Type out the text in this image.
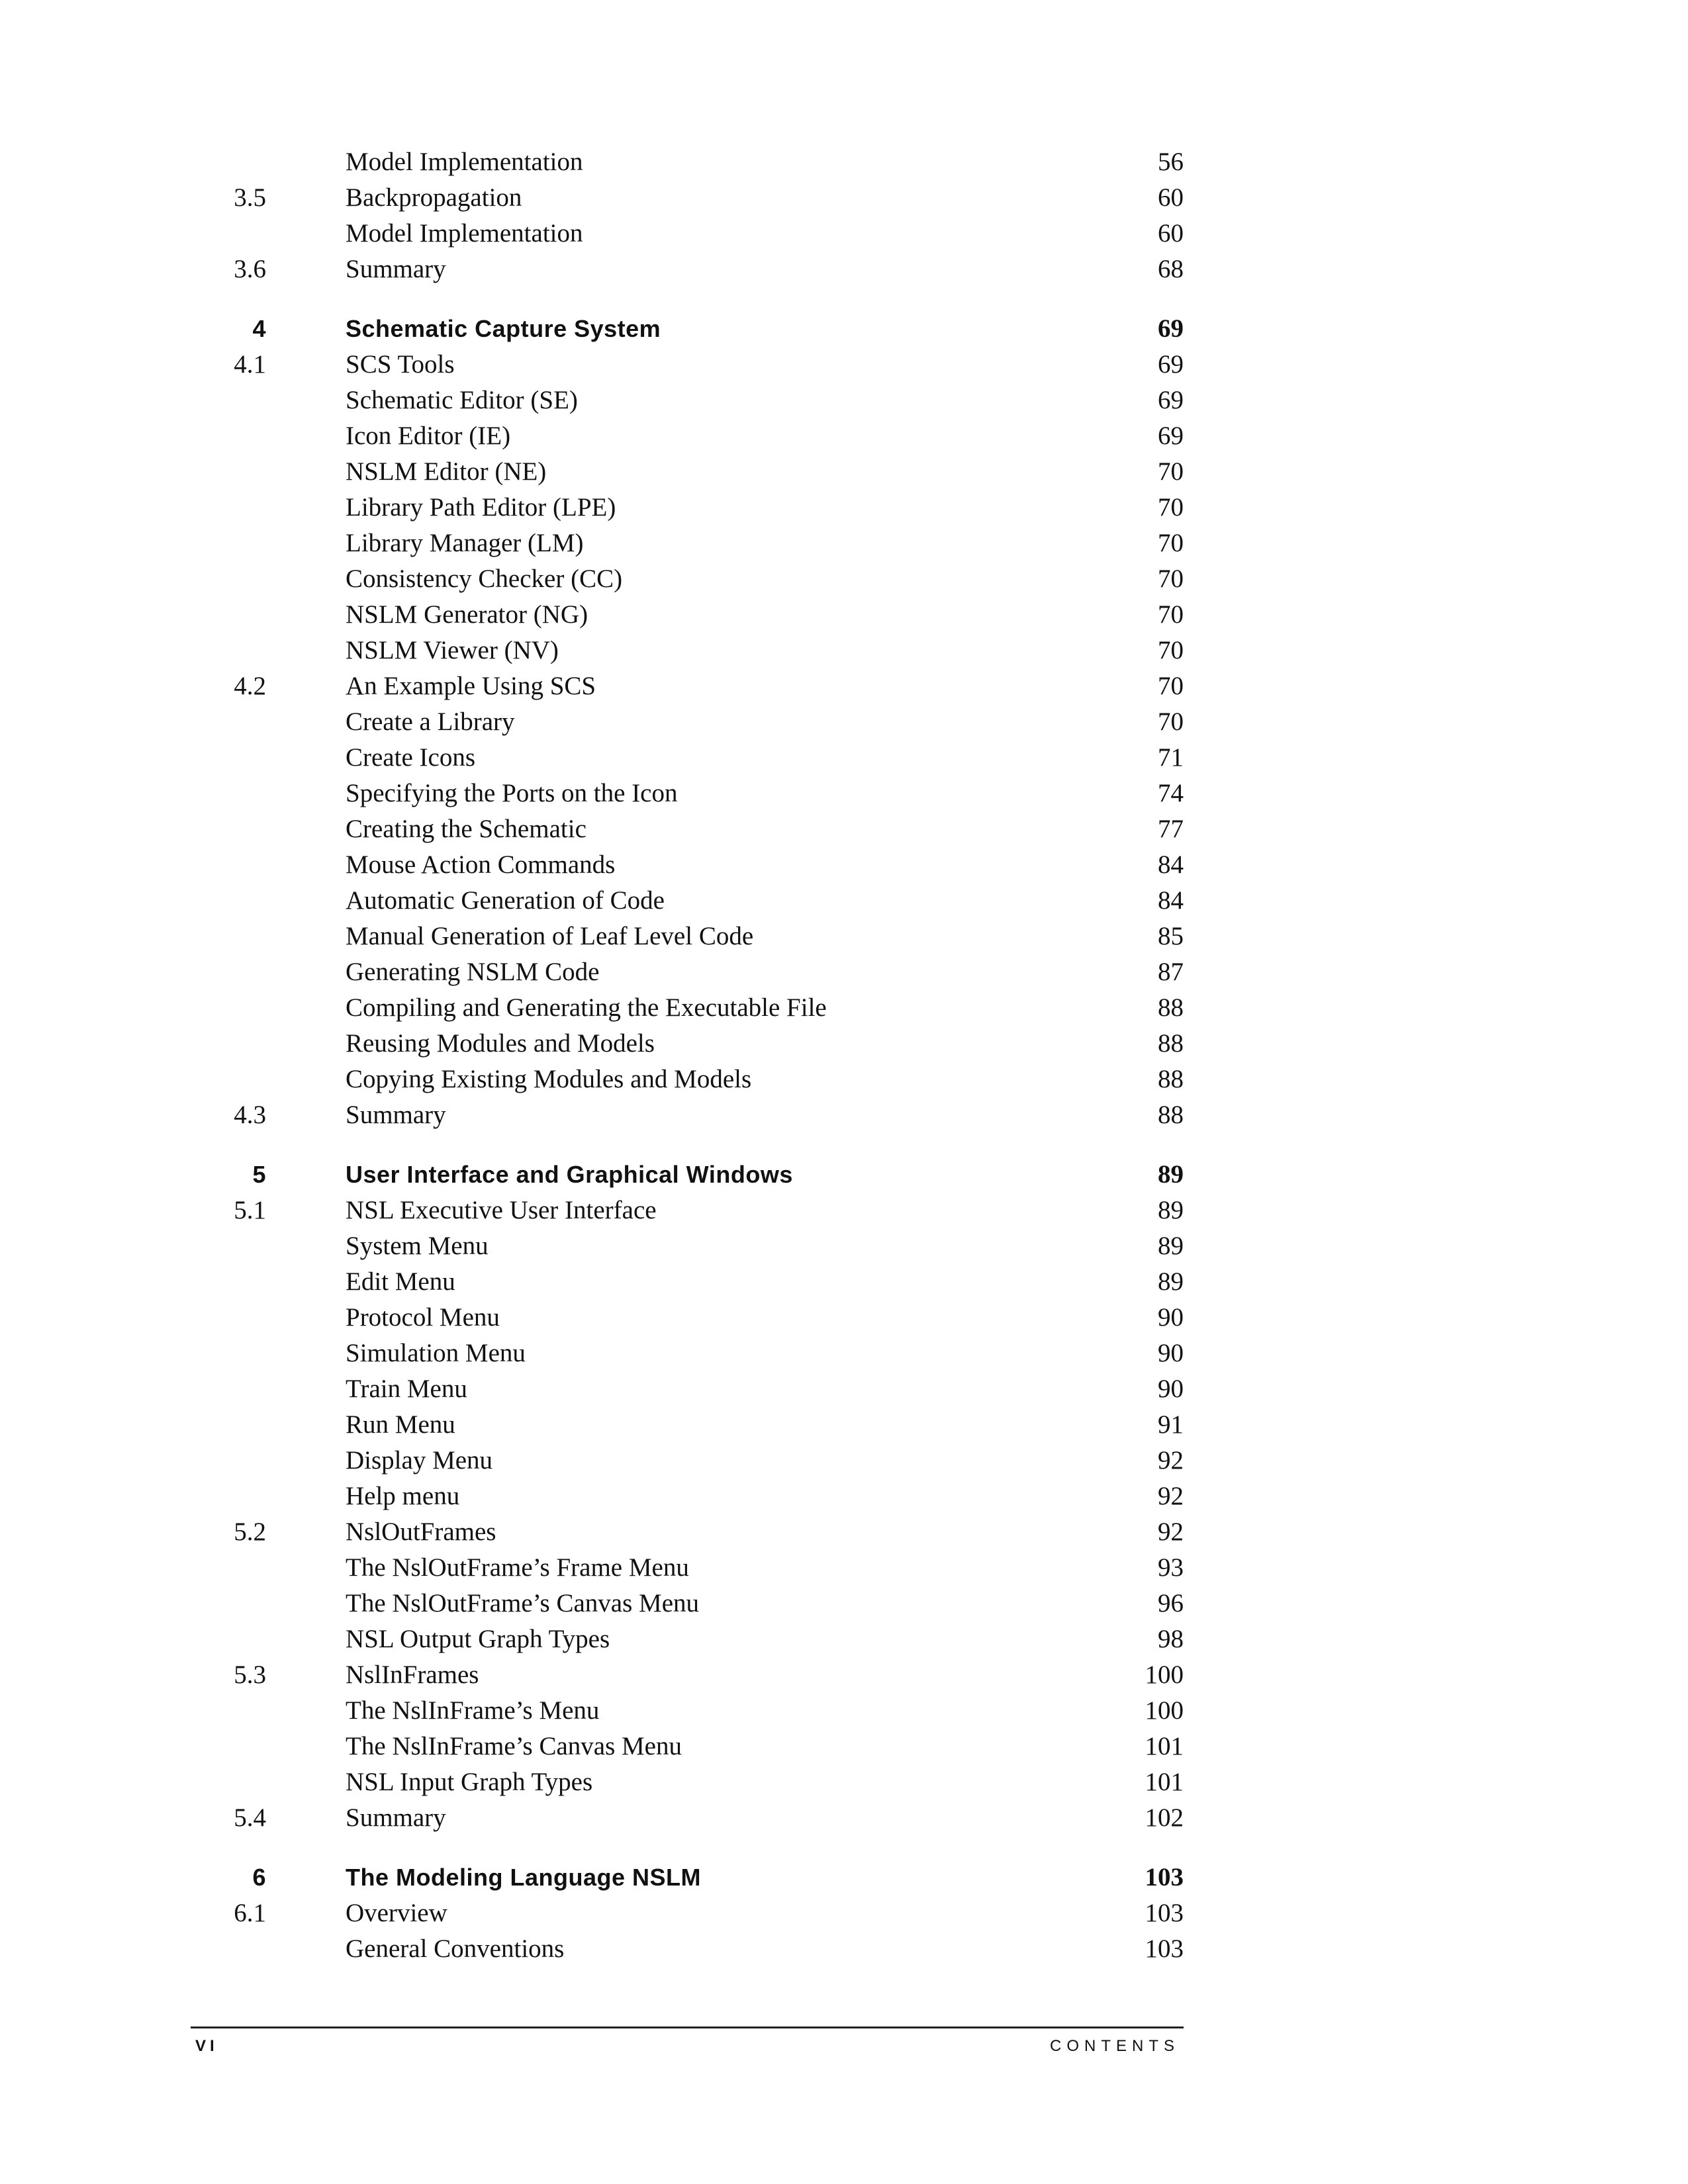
Model Implementation	56
3.5	Backpropagation	60
Model Implementation	60
3.6	Summary	68
4	Schematic Capture System	69
4.1	SCS Tools	69
Schematic Editor (SE)	69
Icon Editor (IE)	69
NSLM Editor (NE)	70
Library Path Editor (LPE)	70
Library Manager (LM)	70
Consistency Checker (CC)	70
NSLM Generator (NG)	70
NSLM Viewer (NV)	70
4.2	An Example Using SCS	70
Create a Library	70
Create Icons	71
Specifying the Ports on the Icon	74
Creating the Schematic	77
Mouse Action Commands	84
Automatic Generation of Code	84
Manual Generation of Leaf Level Code	85
Generating NSLM Code	87
Compiling and Generating the Executable File	88
Reusing Modules and Models	88
Copying Existing Modules and Models	88
4.3	Summary	88
5	User Interface and Graphical Windows	89
5.1	NSL Executive User Interface	89
System Menu	89
Edit Menu	89
Protocol Menu	90
Simulation Menu	90
Train Menu	90
Run Menu	91
Display Menu	92
Help menu	92
5.2	NslOutFrames	92
The NslOutFrame’s Frame Menu	93
The NslOutFrame’s Canvas Menu	96
NSL Output Graph Types	98
5.3	NslInFrames	100
The NslInFrame’s Menu	100
The NslInFrame’s Canvas Menu	101
NSL Input Graph Types	101
5.4	Summary	102
6	The Modeling Language NSLM	103
6.1	Overview	103
General Conventions	103
VI	CONTENTS
